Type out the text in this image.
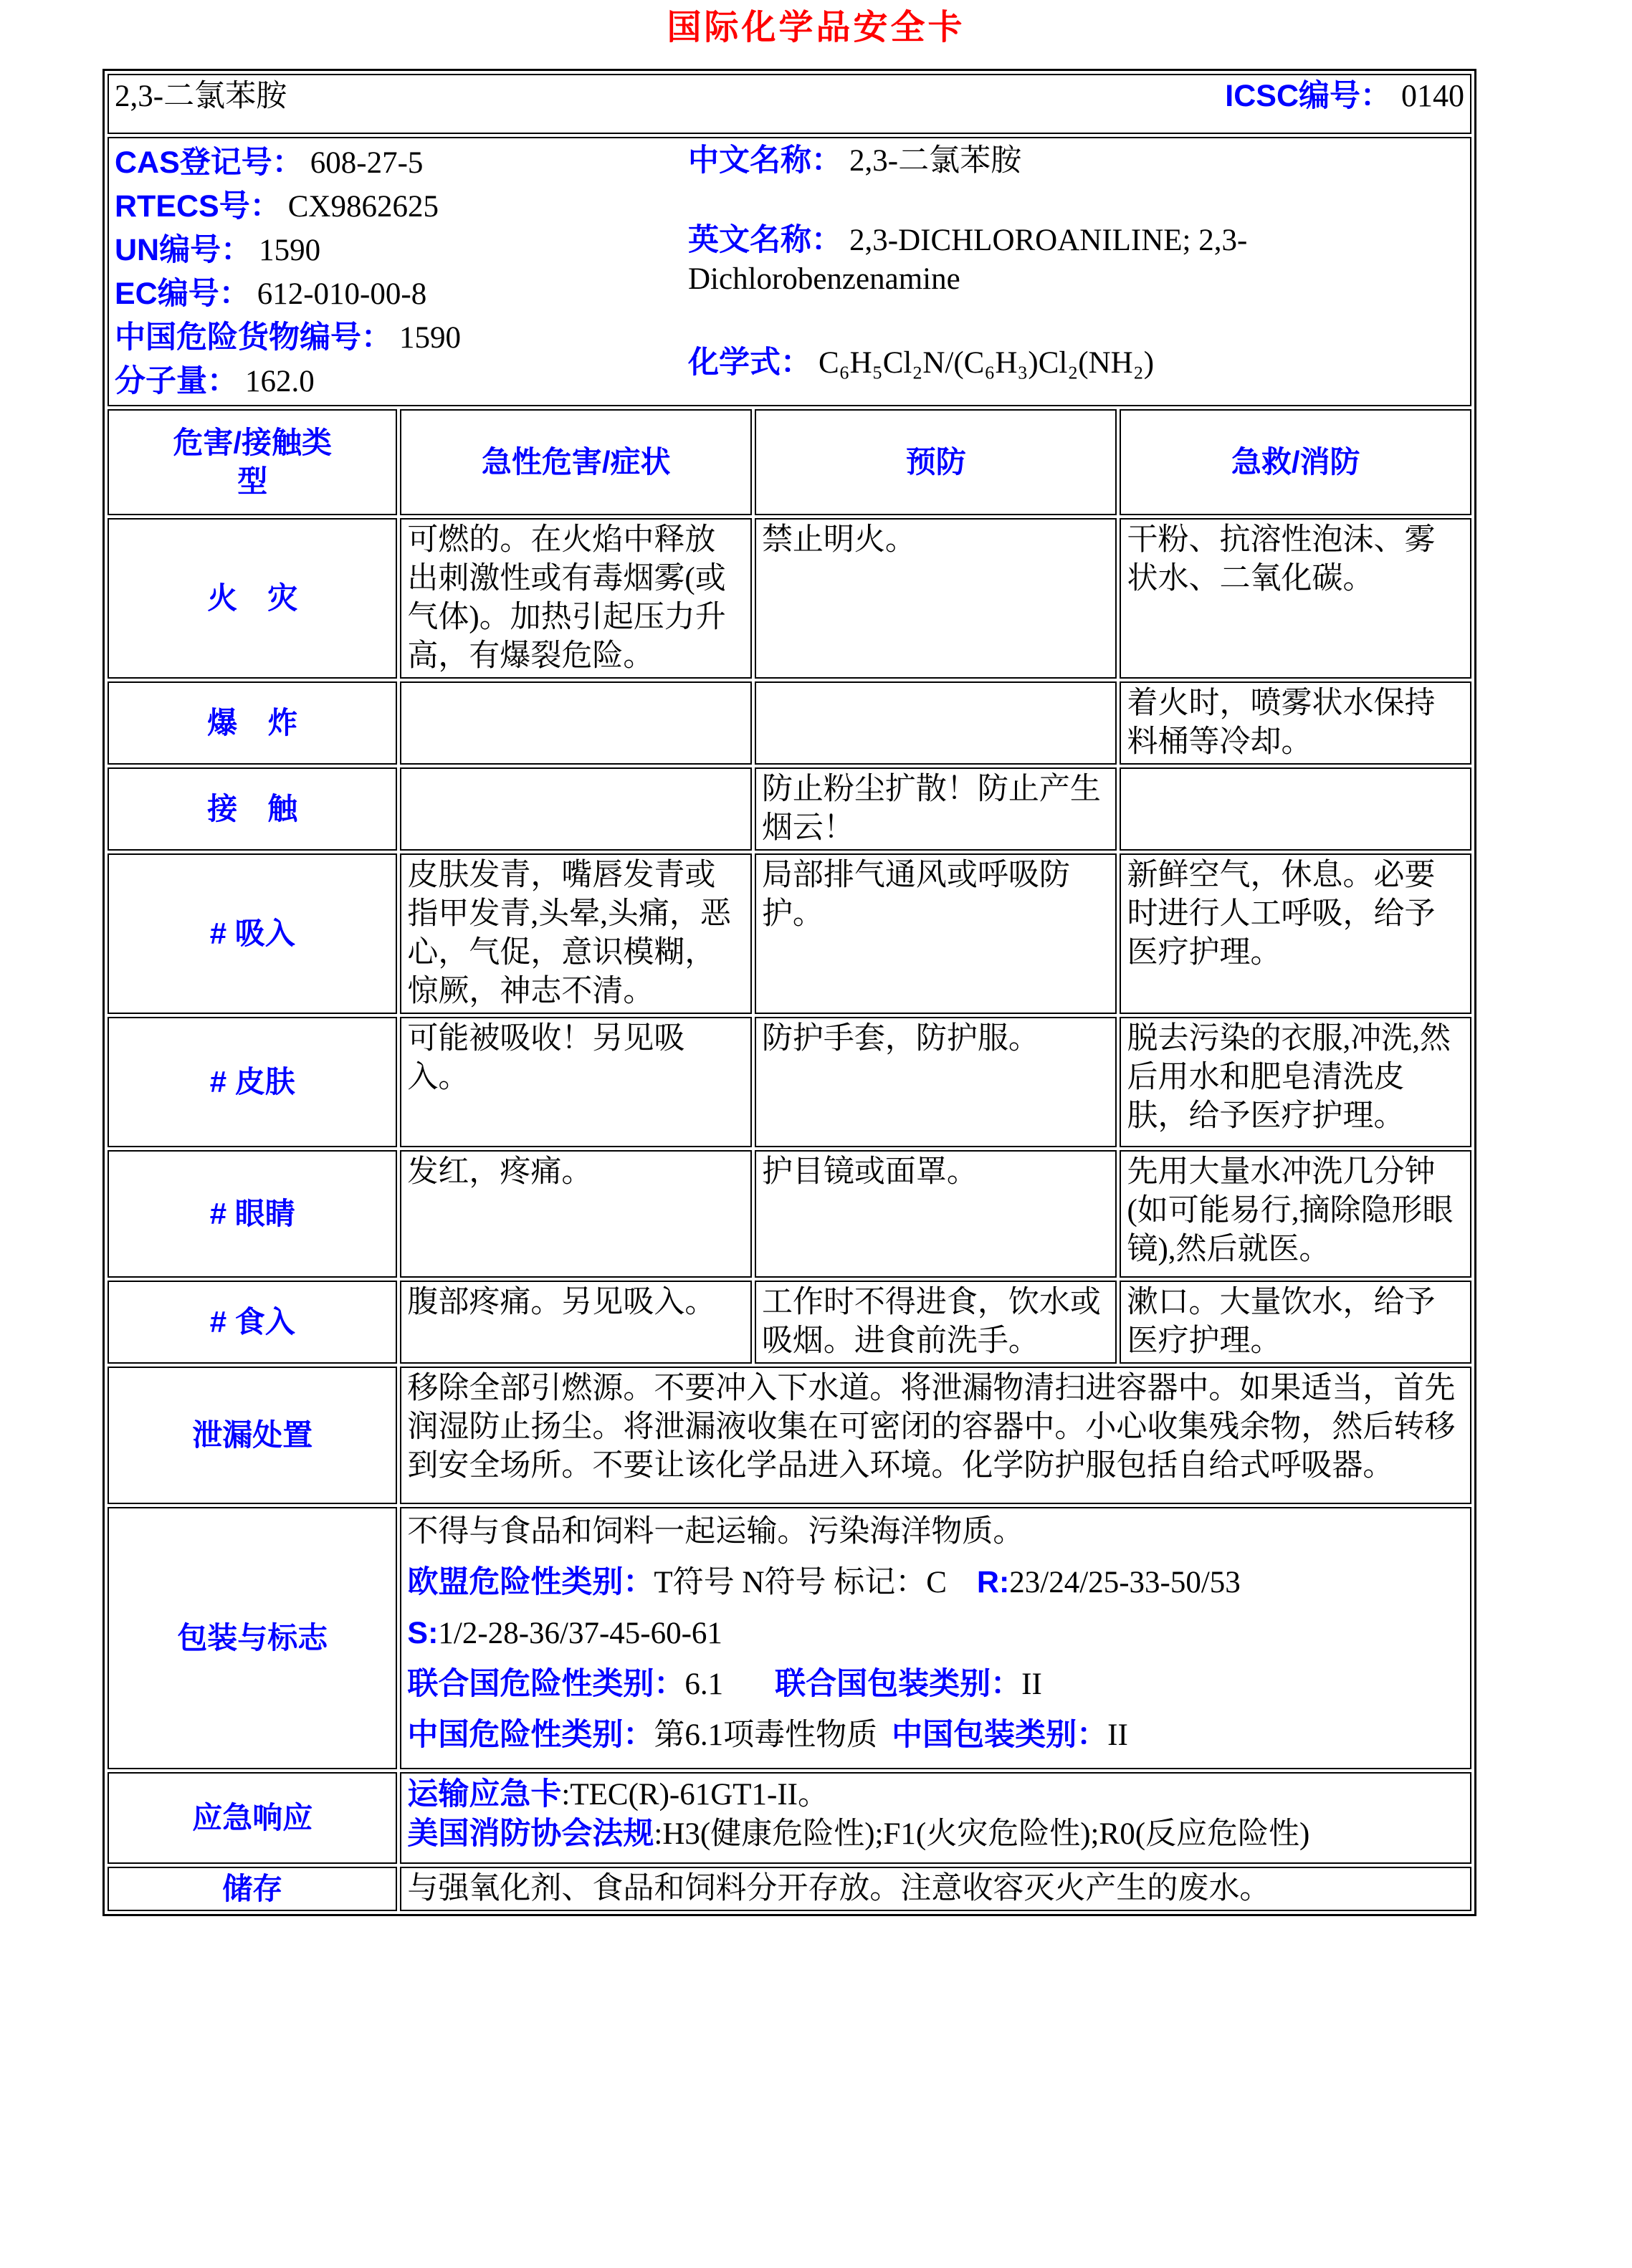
国际化学品安全卡
2,3-二氯苯胺 ICSC编号： 0140			

CAS登记号： 608-27-5
RTECS号： CX9862625
UN编号： 1590
EC编号： 612-010-00-8
中国危险货物编号： 1590
分子量： 162.0
中文名称： 2,3-二氯苯胺
英文名称： 2,3-DICHLOROANILINE; 2,3-Dichlorobenzenamine
化学式： C₆H₅Cl₂N/(C₆H₃)Cl₂(NH₂)

危害/接触类型	急性危害/症状	预防	急救/消防
火　灾	可燃的。在火焰中释放出刺激性或有毒烟雾(或气体)。加热引起压力升高，有爆裂危险。	禁止明火。	干粉、抗溶性泡沫、雾状水、二氧化碳。
爆　炸			着火时，喷雾状水保持料桶等冷却。
接　触		防止粉尘扩散！防止产生烟云！	
# 吸入	皮肤发青，嘴唇发青或指甲发青,头晕,头痛，恶心，气促，意识模糊，惊厥，神志不清。	局部排气通风或呼吸防护。	新鲜空气，休息。必要时进行人工呼吸，给予医疗护理。
# 皮肤	可能被吸收！另见吸入。	防护手套，防护服。	脱去污染的衣服,冲洗,然后用水和肥皂清洗皮肤，给予医疗护理。
# 眼睛	发红，疼痛。	护目镜或面罩。	先用大量水冲洗几分钟(如可能易行,摘除隐形眼镜),然后就医。
# 食入	腹部疼痛。另见吸入。	工作时不得进食，饮水或吸烟。进食前洗手。	漱口。大量饮水，给予医疗护理。
泄漏处置	移除全部引燃源。不要冲入下水道。将泄漏物清扫进容器中。如果适当，首先润湿防止扬尘。将泄漏液收集在可密闭的容器中。小心收集残余物，然后转移到安全场所。不要让该化学品进入环境。化学防护服包括自给式呼吸器。		
包装与标志	不得与食品和饲料一起运输。污染海洋物质。

欧盟危险性类别：T符号 N符号 标记：C R:23/24/25-33-50/53

S:1/2-28-36/37-45-60-61

联合国危险性类别：6.1 联合国包装类别：II

中国危险性类别：第6.1项毒性物质 中国包装类别：II		

应急响应	运输应急卡:TEC(R)-61GT1-II。

美国消防协会法规:H3(健康危险性);F1(火灾危险性);R0(反应危险性)		

储存	与强氧化剂、食品和饲料分开存放。注意收容灭火产生的废水。		
